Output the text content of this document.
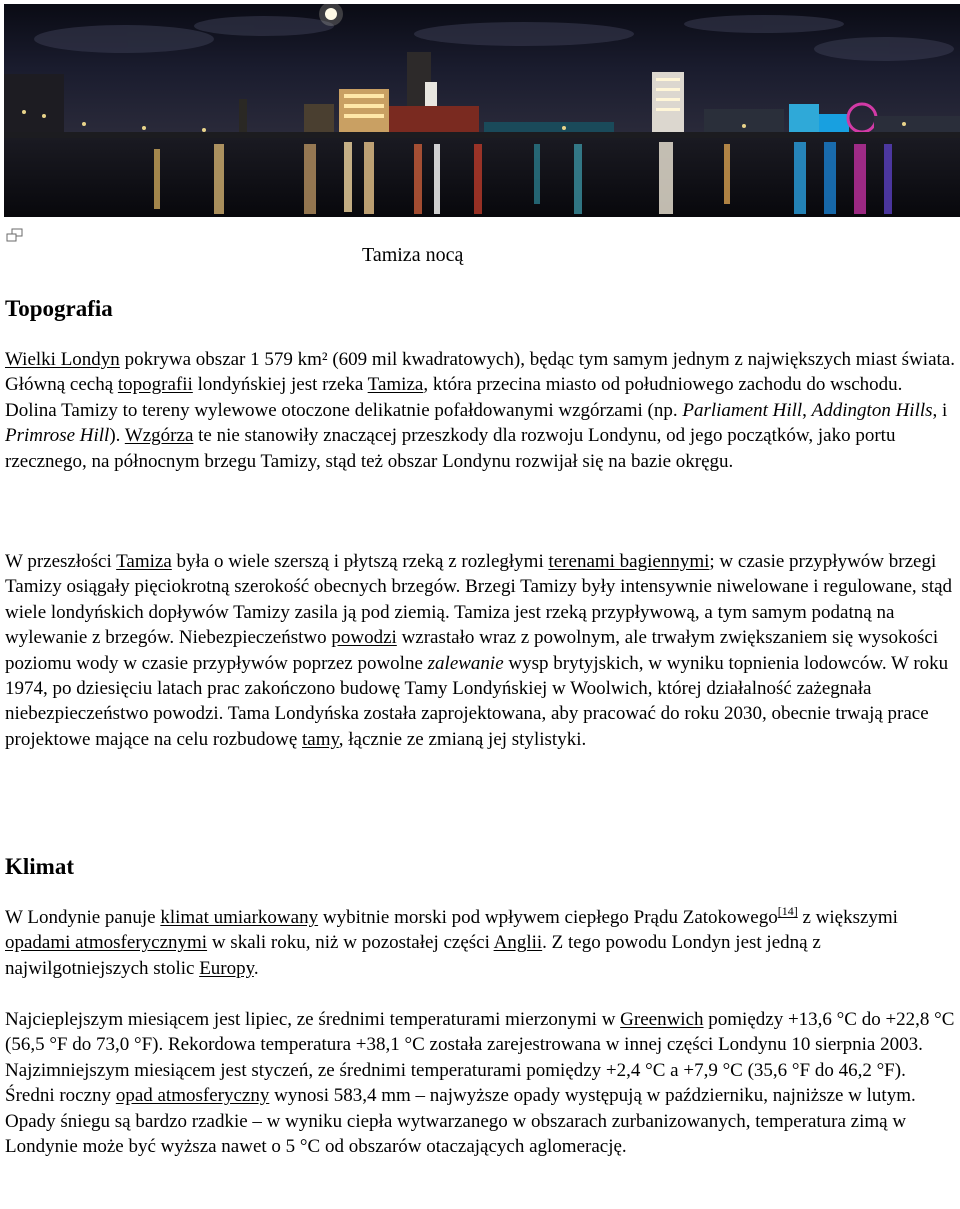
Tamiza nocą
Topografia

Wielki Londyn pokrywa obszar 1 579 km² (609 mil kwadratowych), będąc tym samym jednym z największych miast świata. Główną cechą topografii londyńskiej jest rzeka Tamiza, która przecina miasto od południowego zachodu do wschodu. Dolina Tamizy to tereny wylewowe otoczone delikatnie pofałdowanymi wzgórzami (np. Parliament Hill, Addington Hills, i Primrose Hill). Wzgórza te nie stanowiły znaczącej przeszkody dla rozwoju Londynu, od jego początków, jako portu rzecznego, na północnym brzegu Tamizy, stąd też obszar Londynu rozwijał się na bazie okręgu.

W przeszłości Tamiza była o wiele szerszą i płytszą rzeką z rozległymi terenami bagiennymi; w czasie przypływów brzegi Tamizy osiągały pięciokrotną szerokość obecnych brzegów. Brzegi Tamizy były intensywnie niwelowane i regulowane, stąd wiele londyńskich dopływów Tamizy zasila ją pod ziemią. Tamiza jest rzeką przypływową, a tym samym podatną na wylewanie z brzegów. Niebezpieczeństwo powodzi wzrastało wraz z powolnym, ale trwałym zwiększaniem się wysokości poziomu wody w czasie przypływów poprzez powolne zalewanie wysp brytyjskich, w wyniku topnienia lodowców. W roku 1974, po dziesięciu latach prac zakończono budowę Tamy Londyńskiej w Woolwich, której działalność zażegnała niebezpieczeństwo powodzi. Tama Londyńska została zaprojektowana, aby pracować do roku 2030, obecnie trwają prace projektowe mające na celu rozbudowę tamy, łącznie ze zmianą jej stylistyki.

Klimat

W Londynie panuje klimat umiarkowany wybitnie morski pod wpływem ciepłego Prądu Zatokowego[14] z większymi opadami atmosferycznymi w skali roku, niż w pozostałej części Anglii. Z tego powodu Londyn jest jedną z najwilgotniejszych stolic Europy.

Najcieplejszym miesiącem jest lipiec, ze średnimi temperaturami mierzonymi w Greenwich pomiędzy +13,6 °C do +22,8 °C (56,5 °F do 73,0 °F). Rekordowa temperatura +38,1 °C została zarejestrowana w innej części Londynu 10 sierpnia 2003. Najzimniejszym miesiącem jest styczeń, ze średnimi temperaturami pomiędzy +2,4 °C a +7,9 °C (35,6 °F do 46,2 °F). Średni roczny opad atmosferyczny wynosi 583,4 mm – najwyższe opady występują w październiku, najniższe w lutym. Opady śniegu są bardzo rzadkie – w wyniku ciepła wytwarzanego w obszarach zurbanizowanych, temperatura zimą w Londynie może być wyższa nawet o 5 °C od obszarów otaczających aglomerację.
